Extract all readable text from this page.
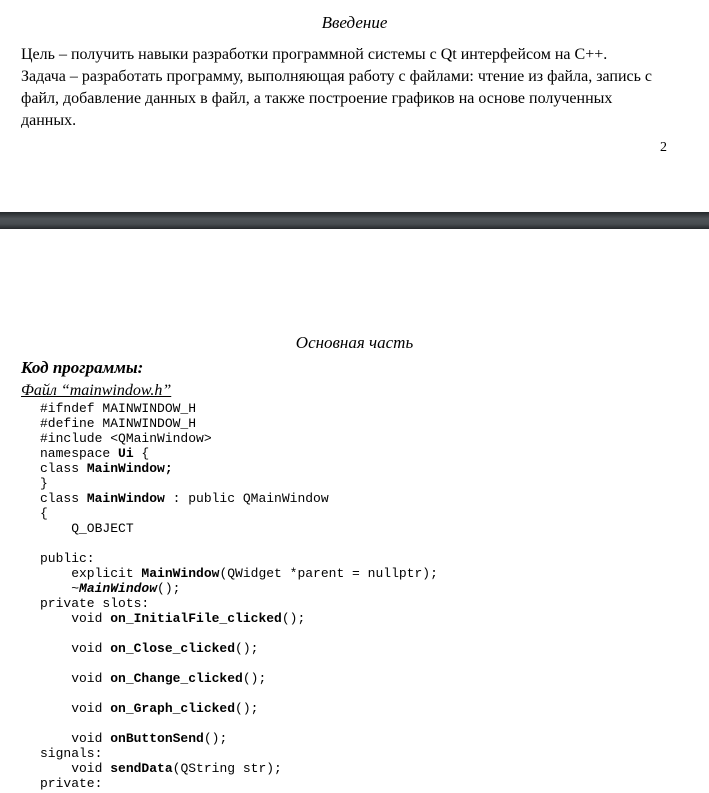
Введение
Цель – получить навыки разработки программной системы с Qt интерфейсом на C++.
Задача – разработать программу, выполняющая работу с файлами: чтение из файла, запись с
файл, добавление данных в файл, а также построение графиков на основе полученных
данных.
2
Основная часть
Код программы:
Файл “mainwindow.h”
#ifndef MAINWINDOW_H
#define MAINWINDOW_H
#include <QMainWindow>
namespace Ui {
class MainWindow;
}
class MainWindow : public QMainWindow
{
Q_OBJECT

public:
explicit MainWindow(QWidget *parent = nullptr);
~MainWindow();
private slots:
void on_InitialFile_clicked();

void on_Close_clicked();

void on_Change_clicked();

void on_Graph_clicked();

void onButtonSend();
signals:
void sendData(QString str);
private:
